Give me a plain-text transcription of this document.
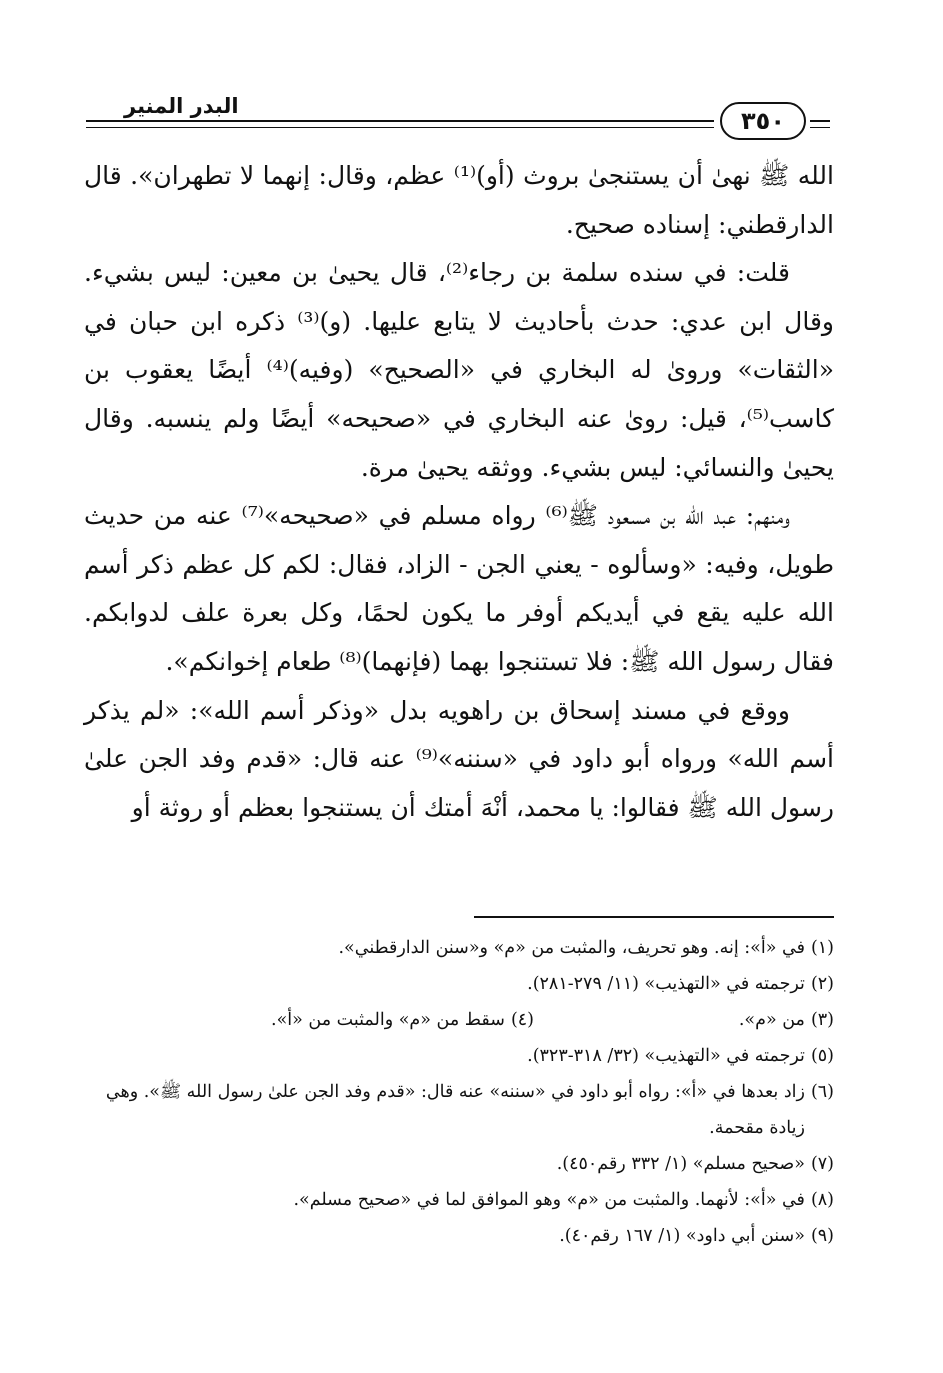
البدر المنير
٣٥٠

الله ﷺ نهىٰ أن يستنجىٰ بروث (أو)⁽¹⁾ عظم، وقال: إنهما لا تطهران». قال الدارقطني: إسناده صحيح.

قلت: في سنده سلمة بن رجاء⁽²⁾، قال يحيىٰ بن معين: ليس بشيء. وقال ابن عدي: حدث بأحاديث لا يتابع عليها. (و)⁽³⁾ ذكره ابن حبان في «الثقات» وروىٰ له البخاري في «الصحيح» (وفيه)⁽⁴⁾ أيضًا يعقوب بن كاسب⁽⁵⁾، قيل: روىٰ عنه البخاري في «صحيحه» أيضًا ولم ينسبه. وقال يحيىٰ والنسائي: ليس بشيء. ووثقه يحيىٰ مرة.

ومنهم: عبد الله بن مسعود ﷺ⁽⁶⁾ رواه مسلم في «صحيحه»⁽⁷⁾ عنه من حديث طويل، وفيه: «وسألوه - يعني الجن - الزاد، فقال: لكم كل عظم ذكر أسم الله عليه يقع في أيديكم أوفر ما يكون لحمًا، وكل بعرة علف لدوابكم. فقال رسول الله ﷺ: فلا تستنجوا بهما (فإنهما)⁽⁸⁾ طعام إخوانكم».

ووقع في مسند إسحاق بن راهويه بدل «وذكر أسم الله»: «لم يذكر أسم الله» ورواه أبو داود في «سننه»⁽⁹⁾ عنه قال: «قدم وفد الجن علىٰ رسول الله ﷺ فقالوا: يا محمد، أنْهَ أمتك أن يستنجوا بعظم أو روثة أو

(١)
في «أ»: إنه. وهو تحريف، والمثبت من «م» و«سنن الدارقطني».
(٢)
ترجمته في «التهذيب» (١١/ ٢٧٩-٢٨١).
(٣)
من «م».
(٤)
سقط من «م» والمثبت من «أ».
(٥)
ترجمته في «التهذيب» (٣٢/ ٣١٨-٣٢٣).
(٦)
زاد بعدها في «أ»: رواه أبو داود في «سننه» عنه قال: «قدم وفد الجن علىٰ رسول الله ﷺ». وهي زيادة مقحمة.
(٧)
«صحيح مسلم» (١/ ٣٣٢ رقم٤٥٠).
(٨)
في «أ»: لأنهما. والمثبت من «م» وهو الموافق لما في «صحيح مسلم».
(٩)
«سنن أبي داود» (١/ ١٦٧ رقم٤٠).
